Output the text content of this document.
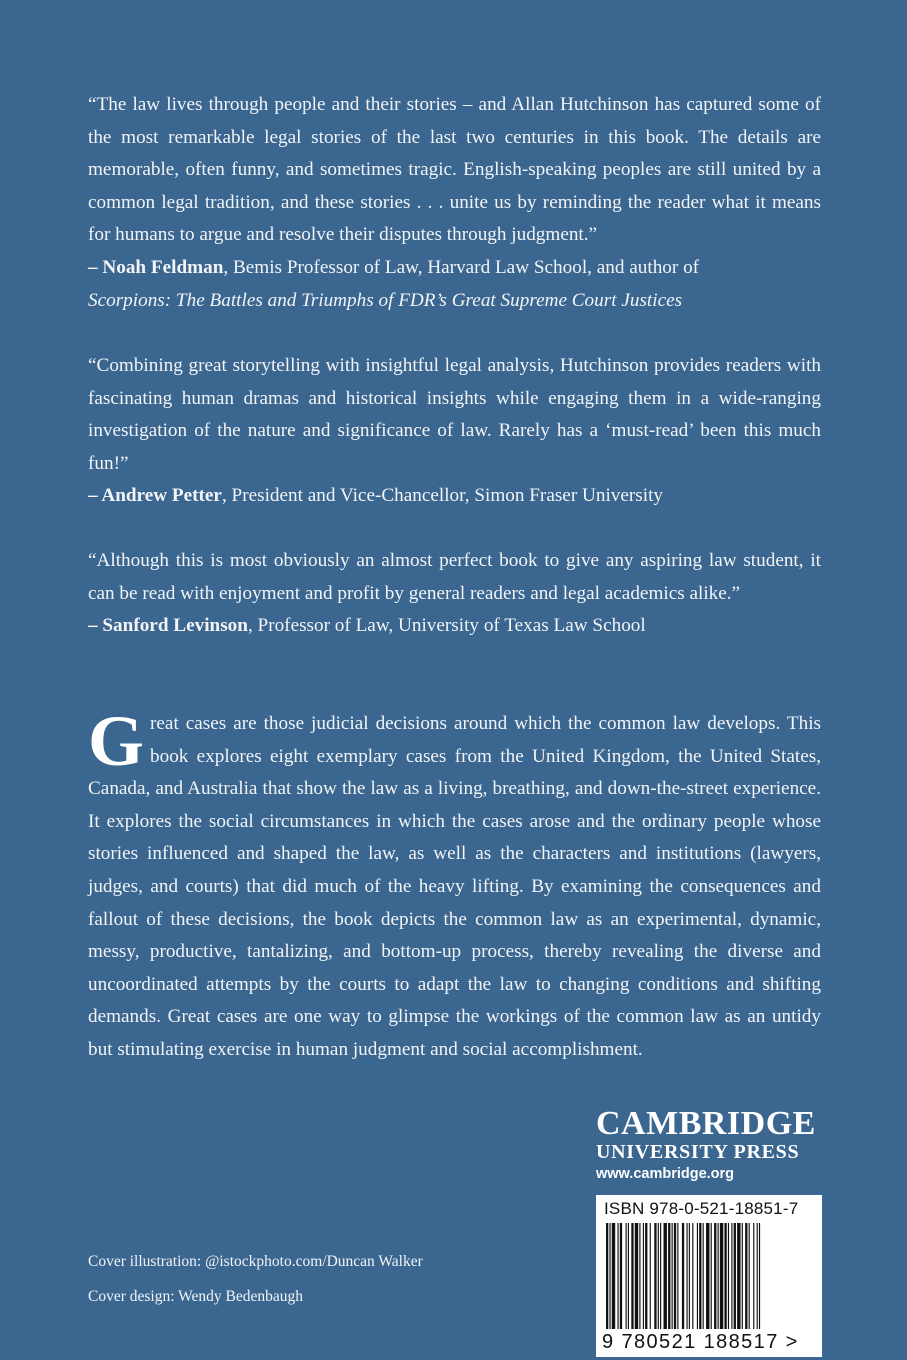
“The law lives through people and their stories – and Allan Hutchinson has captured some of the most remarkable legal stories of the last two centuries in this book. The details are memorable, often funny, and sometimes tragic. English-speaking peoples are still united by a common legal tradition, and these stories . . . unite us by reminding the reader what it means for humans to argue and resolve their disputes through judgment.”
– Noah Feldman, Bemis Professor of Law, Harvard Law School, and author of
Scorpions: The Battles and Triumphs of FDR’s Great Supreme Court Justices
“Combining great storytelling with insightful legal analysis, Hutchinson provides readers with fascinating human dramas and historical insights while engaging them in a wide-ranging investigation of the nature and significance of law. Rarely has a ‘must-read’ been this much fun!”
– Andrew Petter, President and Vice-Chancellor, Simon Fraser University
“Although this is most obviously an almost perfect book to give any aspiring law student, it can be read with enjoyment and profit by general readers and legal academics alike.”
– Sanford Levinson, Professor of Law, University of Texas Law School
Great cases are those judicial decisions around which the common law develops. This book explores eight exemplary cases from the United Kingdom, the United States, Canada, and Australia that show the law as a living, breathing, and down-the-street experience. It explores the social circumstances in which the cases arose and the ordinary people whose stories influenced and shaped the law, as well as the characters and institutions (lawyers, judges, and courts) that did much of the heavy lifting. By examining the consequences and fallout of these decisions, the book depicts the common law as an experimental, dynamic, messy, productive, tantalizing, and bottom-up process, thereby revealing the diverse and uncoordinated attempts by the courts to adapt the law to changing conditions and shifting demands. Great cases are one way to glimpse the workings of the common law as an untidy but stimulating exercise in human judgment and social accomplishment.
CAMBRIDGE
UNIVERSITY PRESS
www.cambridge.org
ISBN 978-0-521-18851-7
9 780521 188517 >
Cover illustration: @istockphoto.com/Duncan Walker
Cover design: Wendy Bedenbaugh
